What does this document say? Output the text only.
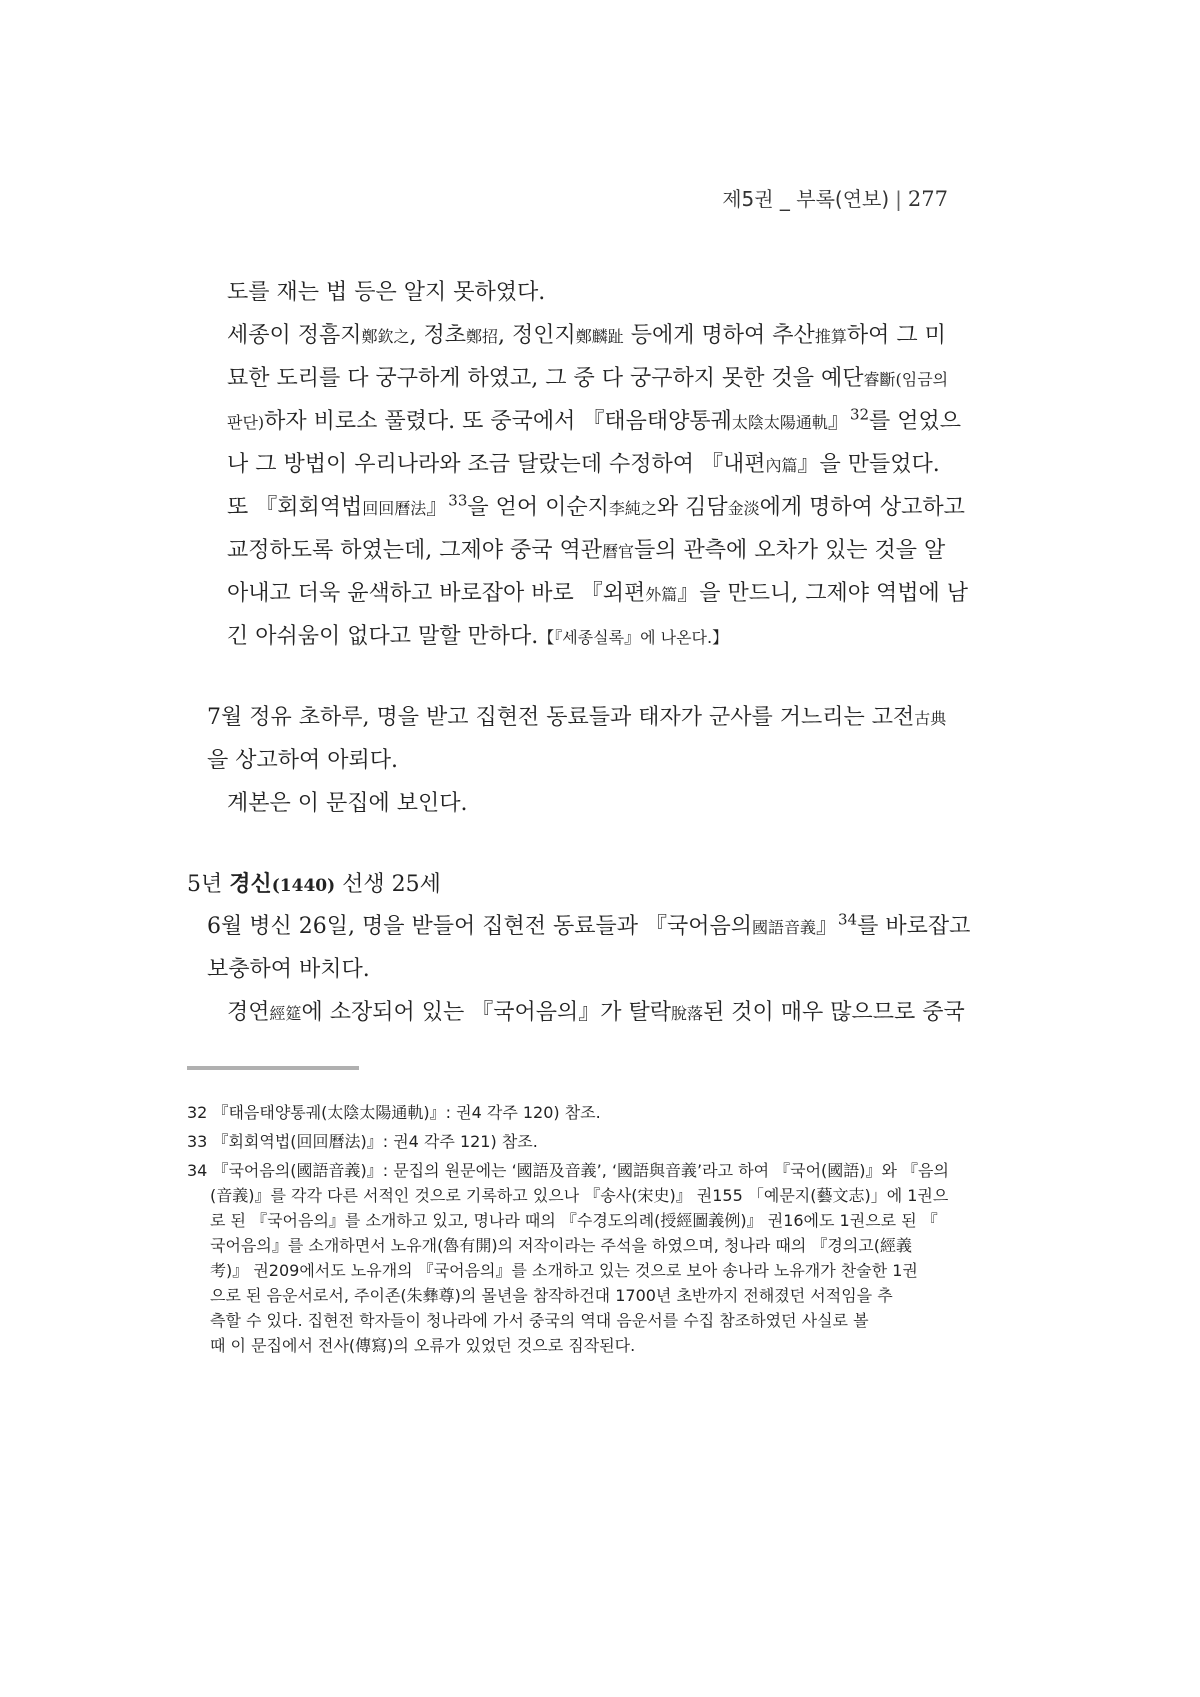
제5권 _ 부록(연보) | 277
도를 재는 법 등은 알지 못하였다.
세종이 정흠지鄭欽之, 정초鄭招, 정인지鄭麟趾 등에게 명하여 추산推算하여 그 미
묘한 도리를 다 궁구하게 하였고, 그 중 다 궁구하지 못한 것을 예단睿斷(임금의
판단)하자 비로소 풀렸다. 또 중국에서 『태음태양통궤太陰太陽通軌』$^{32}$를 얻었으
나 그 방법이 우리나라와 조금 달랐는데 수정하여 『내편內篇』을 만들었다.
또 『회회역법回回曆法』$^{33}$을 얻어 이순지李純之와 김담金淡에게 명하여 상고하고
교정하도록 하였는데, 그제야 중국 역관曆官들의 관측에 오차가 있는 것을 알
아내고 더욱 윤색하고 바로잡아 바로 『외편外篇』을 만드니, 그제야 역법에 남
긴 아쉬움이 없다고 말할 만하다.【『세종실록』에 나온다.】
7월 정유 초하루, 명을 받고 집현전 동료들과 태자가 군사를 거느리는 고전古典
을 상고하여 아뢰다.
계본은 이 문집에 보인다.
5년 경신(1440) 선생 25세
6월 병신 26일, 명을 받들어 집현전 동료들과 『국어음의國語音義』$^{34}$를 바로잡고
보충하여 바치다.
경연經筵에 소장되어 있는 『국어음의』가 탈락脫落된 것이 매우 많으므로 중국
32 『태음태양통궤(太陰太陽通軌)』: 권4 각주 120) 참조.
33 『회회역법(回回曆法)』: 권4 각주 121) 참조.
34 『국어음의(國語音義)』: 문집의 원문에는 ‘國語及音義’, ‘國語與音義’라고 하여 『국어(國語)』와 『음의
(音義)』를 각각 다른 서적인 것으로 기록하고 있으나 『송사(宋史)』 권155 「예문지(藝文志)」에 1권으
로 된 『국어음의』를 소개하고 있고, 명나라 때의 『수경도의례(授經圖義例)』 권16에도 1권으로 된 『
국어음의』를 소개하면서 노유개(魯有開)의 저작이라는 주석을 하였으며, 청나라 때의 『경의고(經義
考)』 권209에서도 노유개의 『국어음의』를 소개하고 있는 것으로 보아 송나라 노유개가 찬술한 1권
으로 된 음운서로서, 주이존(朱彝尊)의 몰년을 참작하건대 1700년 초반까지 전해졌던 서적임을 추
측할 수 있다. 집현전 학자들이 청나라에 가서 중국의 역대 음운서를 수집 참조하였던 사실로 볼
때 이 문집에서 전사(傳寫)의 오류가 있었던 것으로 짐작된다.
